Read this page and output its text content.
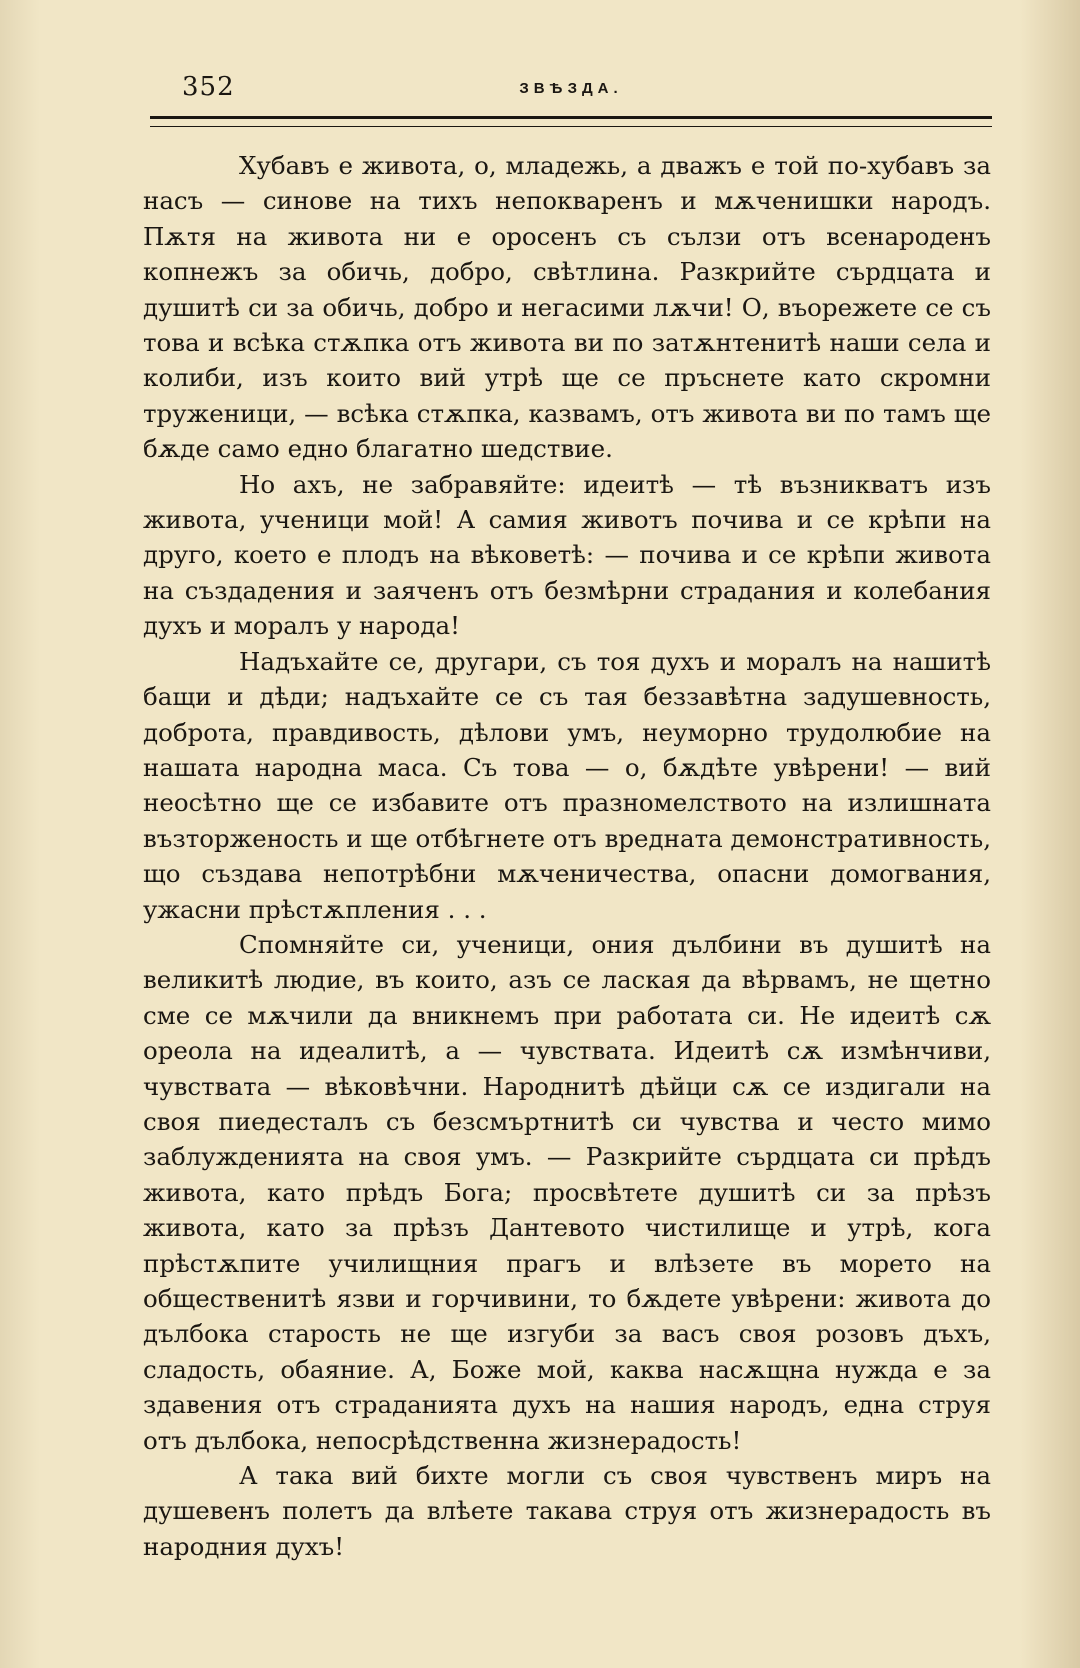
352	ЗВѢЗДА.

Хубавъ е живота, о, младежь, а дважъ е той по-хубавъ за насъ — синове на тихъ непокваренъ и мѫченишки народъ. Пѫтя на живота ни е оросенъ съ сълзи отъ всенароденъ копнежъ за обичь, добро, свѣтлина. Разкрийте сърдцата и душитѣ си за обичь, добро и негасими лѫчи! О, въорежете се съ това и всѣка стѫпка отъ живота ви по затѫнтенитѣ наши села и колиби, изъ които вий утрѣ ще се пръснете като скромни труженици, — всѣка стѫпка, казвамъ, отъ живота ви по тамъ ще бѫде само едно благатно шедствие.

Но ахъ, не забравяйте: идеитѣ — тѣ възникватъ изъ живота, ученици мой! А самия животъ почива и се крѣпи на друго, което е плодъ на вѣковетѣ: — почива и се крѣпи живота на създадения и заяченъ отъ безмѣрни страдания и колебания духъ и моралъ у народа!

Надъхайте се, другари, съ тоя духъ и моралъ на нашитѣ бащи и дѣди; надъхайте се съ тая беззавѣтна задушевность, доброта, правдивость, дѣлови умъ, неуморно трудолюбие на нашата народна маса. Съ това — о, бѫдѣте увѣрени! — вий неосѣтно ще се избавите отъ празномелството на излишната възторженость и ще отбѣгнете отъ вредната демонстративность, що създава непотрѣбни мѫченичества, опасни домогвания, ужасни прѣстѫпления . . .

Спомняйте си, ученици, ония дълбини въ душитѣ на великитѣ людие, въ които, азъ се лаская да вѣрвамъ, не щетно сме се мѫчили да вникнемъ при работата си. Не идеитѣ сѫ ореола на идеалитѣ, а — чувствата. Идеитѣ сѫ измѣнчиви, чувствата — вѣковѣчни. Народнитѣ дѣйци сѫ се издигали на своя пиедесталъ съ безсмъртнитѣ си чувства и често мимо заблужденията на своя умъ. — Разкрийте сърдцата си прѣдъ живота, като прѣдъ Бога; просвѣтете душитѣ си за прѣзъ живота, като за прѣзъ Дантевото чистилище и утрѣ, кога прѣстѫпите училищния прагъ и влѣзете въ морето на общественитѣ язви и горчивини, то бѫдете увѣрени: живота до дълбока старость не ще изгуби за васъ своя розовъ дъхъ, сладость, обаяние. А, Боже мой, каква насѫщна нужда е за здавения отъ страданията духъ на нашия народъ, една струя отъ дълбока, непосрѣдственна жизнерадость!

А така вий бихте могли съ своя чувственъ миръ на душевенъ полетъ да влѣете такава струя отъ жизнерадость въ народния духъ!
